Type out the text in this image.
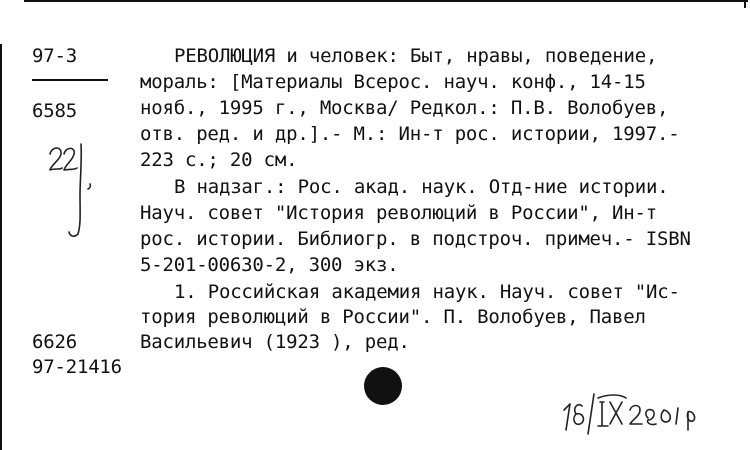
97-3
6585
6626
97-21416
РЕВОЛЮЦИЯ и человек: Быт, нравы, поведение,
мораль: [Материалы Всерос. науч. конф., 14-15
нояб., 1995 г., Москва/ Редкол.: П.В. Волобуев,
отв. ред. и др.].- М.: Ин-т рос. истории, 1997.-
223 с.; 20 см.
В надзаг.: Рос. акад. наук. Отд-ние истории.
Науч. совет "История революций в России", Ин-т
рос. истории. Библиогр. в подстроч. примеч.- ISBN
5-201-00630-2, 300 экз.
1. Российская академия наук. Науч. совет "Ис-
тория революций в России". П. Волобуев, Павел
Васильевич (1923 ), ред.
